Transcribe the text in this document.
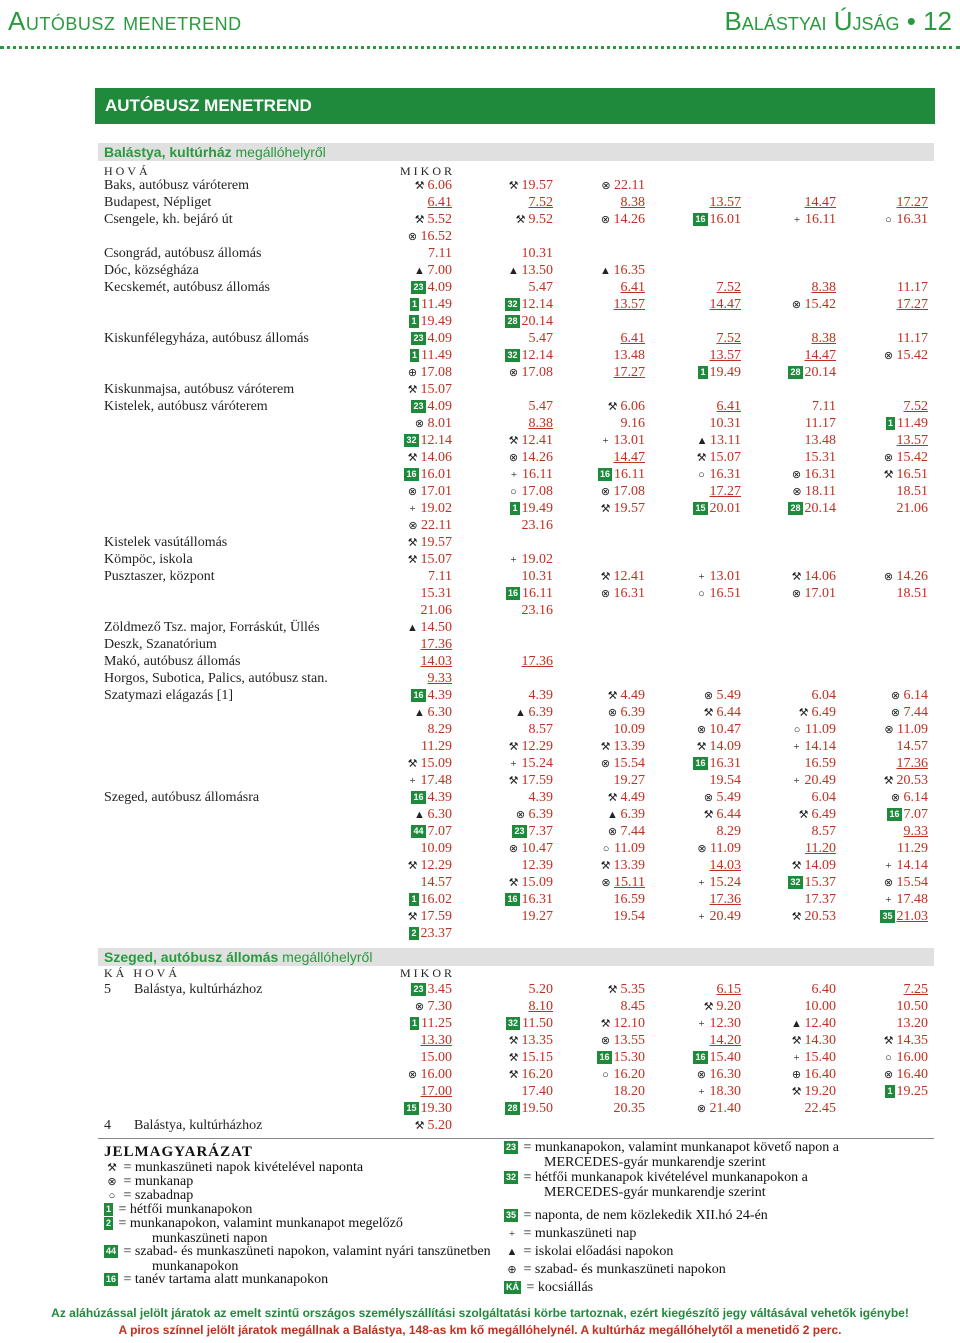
Autóbusz menetrend	Balástyai Újság • 12
AUTÓBUSZ MENETREND
Balástya, kultúrház megállóhelyről
HOVÁ	MIKOR
Baks, autóbusz váróterem	⚒ 6.06	⚒ 19.57	⊗ 22.11
Budapest, Népliget	6.41	7.52	8.38	13.57	14.47	17.27
Csengele, kh. bejáró út	⚒ 5.52	⚒ 9.52	⊗ 14.26	16 16.01	+ 16.11	○ 16.31
⊗ 16.52
Csongrád, autóbusz állomás	7.11	10.31
Dóc, községháza	▲ 7.00	▲ 13.50	▲ 16.35
Kecskemét, autóbusz állomás	23 4.09	5.47	6.41	7.52	8.38	11.17
1 11.49	32 12.14	13.57	14.47	⊗ 15.42	17.27
1 19.49	28 20.14
Kiskunfélegyháza, autóbusz állomás	23 4.09	5.47	6.41	7.52	8.38	11.17
1 11.49	32 12.14	13.48	13.57	14.47	⊗ 15.42
⊕ 17.08	⊗ 17.08	17.27	1 19.49	28 20.14
Kiskunmajsa, autóbusz váróterem	⚒ 15.07
Kistelek, autóbusz váróterem	23 4.09	5.47	⚒ 6.06	6.41	7.11	7.52
⊗ 8.01	8.38	9.16	10.31	11.17	1 11.49
32 12.14	⚒ 12.41	+ 13.01	▲ 13.11	13.48	13.57
⚒ 14.06	⊗ 14.26	14.47	⚒ 15.07	15.31	⊗ 15.42
16 16.01	+ 16.11	16 16.11	○ 16.31	⊗ 16.31	⚒ 16.51
⊗ 17.01	○ 17.08	⊗ 17.08	17.27	⊗ 18.11	18.51
+ 19.02	1 19.49	⚒ 19.57	15 20.01	28 20.14	21.06
⊗ 22.11	23.16
Kistelek vasútállomás	⚒ 19.57
Kömpöc, iskola	⚒ 15.07	+ 19.02
Pusztaszer, központ	7.11	10.31	⚒ 12.41	+ 13.01	⚒ 14.06	⊗ 14.26
15.31	16 16.11	⊗ 16.31	○ 16.51	⊗ 17.01	18.51
21.06	23.16
Zöldmező Tsz. major, Forráskút, Üllés	▲ 14.50
Deszk, Szanatórium	17.36
Makó, autóbusz állomás	14.03	17.36
Horgos, Subotica, Palics, autóbusz stan.	9.33
Szatymazi elágazás [1]	16 4.39	4.39	⚒ 4.49	⊗ 5.49	6.04	⊗ 6.14
▲ 6.30	▲ 6.39	⊗ 6.39	⚒ 6.44	⚒ 6.49	⊗ 7.44
8.29	8.57	10.09	⊗ 10.47	○ 11.09	⊗ 11.09
11.29	⚒ 12.29	⚒ 13.39	⚒ 14.09	+ 14.14	14.57
⚒ 15.09	+ 15.24	⊗ 15.54	16 16.31	16.59	17.36
+ 17.48	⚒ 17.59	19.27	19.54	+ 20.49	⚒ 20.53
Szeged, autóbusz állomásra	16 4.39	4.39	⚒ 4.49	⊗ 5.49	6.04	⊗ 6.14
▲ 6.30	⊗ 6.39	▲ 6.39	⚒ 6.44	⚒ 6.49	16 7.07
44 7.07	23 7.37	⊗ 7.44	8.29	8.57	9.33
10.09	⊗ 10.47	○ 11.09	⊗ 11.09	11.20	11.29
⚒ 12.29	12.39	⚒ 13.39	14.03	⚒ 14.09	+ 14.14
14.57	⚒ 15.09	⊗ 15.11	+ 15.24	32 15.37	⊗ 15.54
1 16.02	16 16.31	16.59	17.36	17.37	+ 17.48
⚒ 17.59	19.27	19.54	+ 20.49	⚒ 20.53	35 21.03
2 23.37
Szeged, autóbusz állomás megállóhelyről
KÁ HOVÁ	MIKOR
5 Balástya, kultúrházhoz	23 3.45	5.20	⚒ 5.35	6.15	6.40	7.25
⊗ 7.30	8.10	8.45	⚒ 9.20	10.00	10.50
1 11.25	32 11.50	⚒ 12.10	+ 12.30	▲ 12.40	13.20
13.30	⚒ 13.35	⊗ 13.55	14.20	⚒ 14.30	⚒ 14.35
15.00	⚒ 15.15	16 15.30	16 15.40	+ 15.40	○ 16.00
⊗ 16.00	⚒ 16.20	○ 16.20	⊗ 16.30	⊕ 16.40	⊗ 16.40
17.00	17.40	18.20	+ 18.30	⚒ 19.20	1 19.25
15 19.30	28 19.50	20.35	⊗ 21.40	22.45
4 Balástya, kultúrházhoz	⚒ 5.20
JELMAGYARÁZAT
⚒ = munkaszüneti napok kivételével naponta
⊗ = munkanap
○ = szabadnap
1 = hétfői munkanapokon
2 = munkanapokon, valamint munkanapot megelőző
munkaszüneti napon
44 = szabad- és munkaszüneti napokon, valamint nyári tanszünetben
munkanapokon
16 = tanév tartama alatt munkanapokon
23 = munkanapokon, valamint munkanapot követő napon a
MERCEDES-gyár munkarendje szerint
32 = hétfői munkanapok kivételével munkanapokon a
MERCEDES-gyár munkarendje szerint
35 = naponta, de nem közlekedik XII.hó 24-én
+ = munkaszüneti nap
▲ = iskolai előadási napokon
⊕ = szabad- és munkaszüneti napokon
KÁ = kocsiállás
Az aláhúzással jelölt járatok az emelt szintű országos személyszállítási szolgáltatási körbe tartoznak, ezért kiegészítő jegy váltásával vehetők igénybe!
A piros színnel jelölt járatok megállnak a Balástya, 148-as km kő megállóhelynél. A kultúrház megállóhelytől a menetidő 2 perc.
